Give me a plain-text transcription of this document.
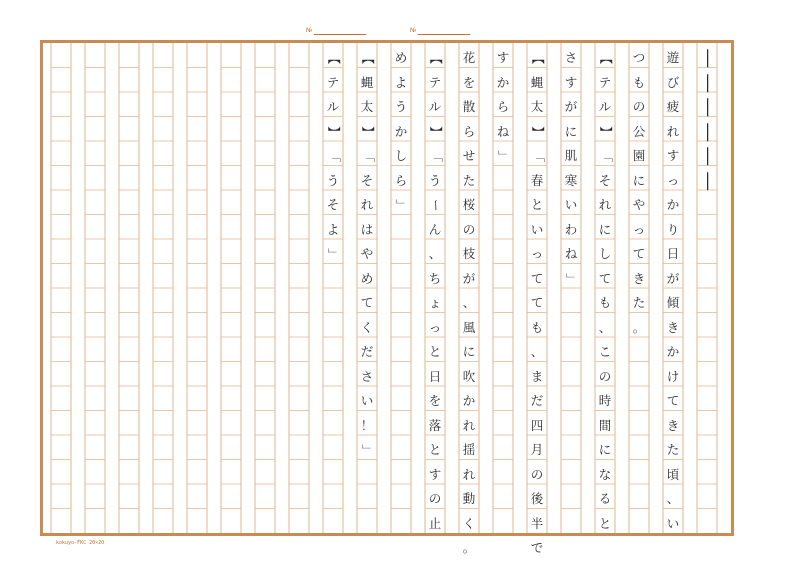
№	№
―
―
―
―
―
―
遊
び
疲
れ
す
っ
か
り
日
が
傾
き
か
け
て
き
た
頃
、
い
つ
も
の
公
園
に
や
っ
て
き
た
。
【
テ
ル
】
「
そ
れ
に
し
て
も
、
こ
の
時
間
に
な
る
と
さ
す
が
に
肌
寒
い
わ
ね
」
【
蝿
太
】
「
春
と
い
っ
て
て
も
、
ま
だ
四
月
の
後
半
で
す
か
ら
ね
」
花
を
散
ら
せ
た
桜
の
枝
が
、
風
に
吹
か
れ
揺
れ
動
く
。
【
テ
ル
】
「
う
ー
ん
、
ち
ょ
っ
と
日
を
落
と
す
の
止
め
よ
う
か
し
ら
」
【
蝿
太
】
「
そ
れ
は
や
め
て
く
だ
さ
い
！
」
【
テ
ル
】
「
う
そ
よ
」
kokuyo-FKC 20×20
